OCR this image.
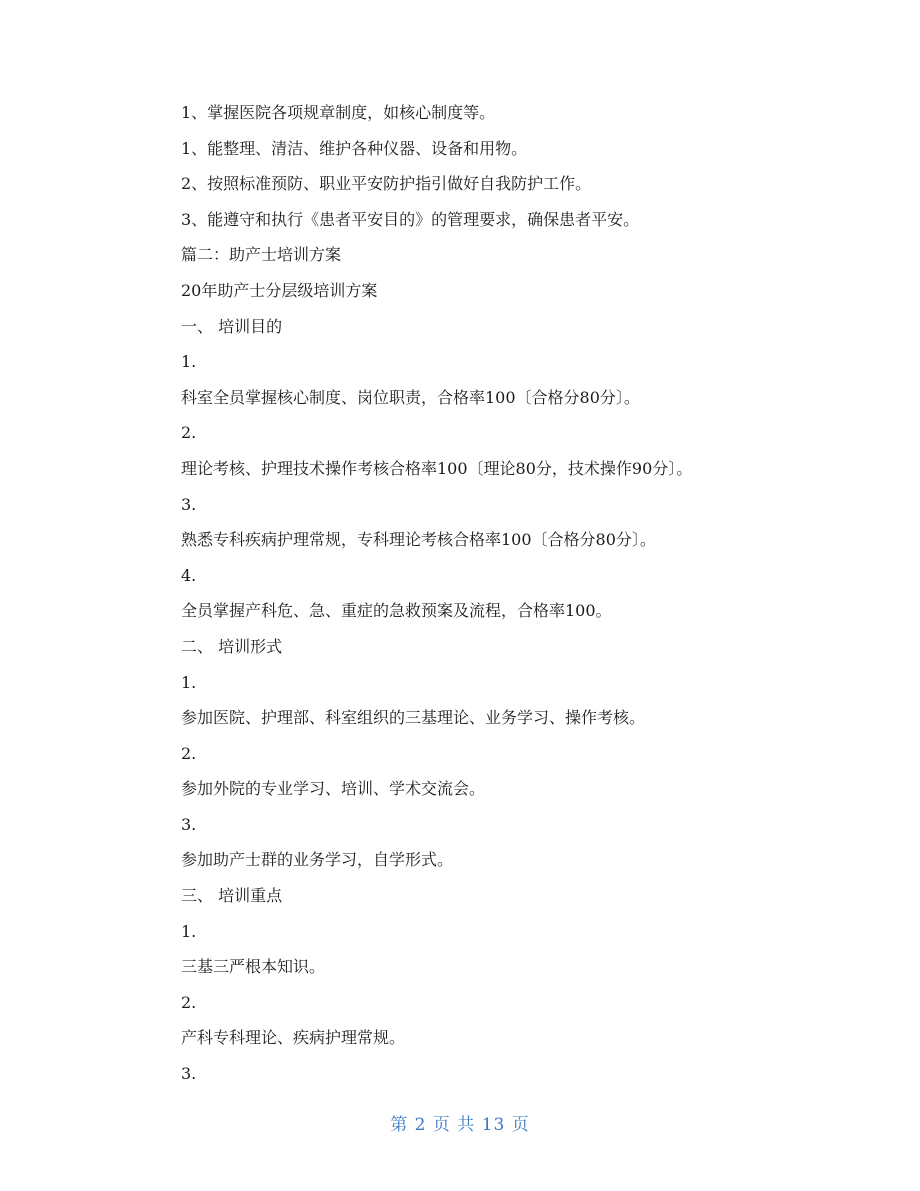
1、掌握医院各项规章制度，如核心制度等。
1、能整理、清洁、维护各种仪器、设备和用物。
2、按照标准预防、职业平安防护指引做好自我防护工作。
3、能遵守和执行《患者平安目的》的管理要求，确保患者平安。
篇二：助产士培训方案
20年助产士分层级培训方案
一、 培训目的
1.
科室全员掌握核心制度、岗位职责，合格率100〔合格分80分〕。
2.
理论考核、护理技术操作考核合格率100〔理论80分，技术操作90分〕。
3.
熟悉专科疾病护理常规，专科理论考核合格率100〔合格分80分〕。
4.
全员掌握产科危、急、重症的急救预案及流程，合格率100。
二、 培训形式
1.
参加医院、护理部、科室组织的三基理论、业务学习、操作考核。
2.
参加外院的专业学习、培训、学术交流会。
3.
参加助产士群的业务学习，自学形式。
三、 培训重点
1.
三基三严根本知识。
2.
产科专科理论、疾病护理常规。
3.
第 2 页 共 13 页
